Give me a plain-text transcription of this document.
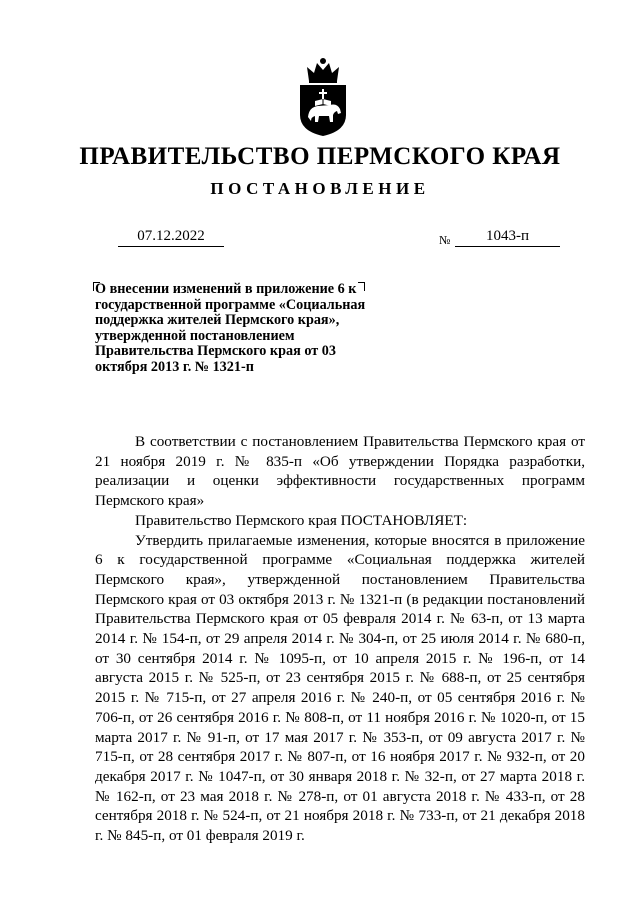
ПРАВИТЕЛЬСТВО ПЕРМСКОГО КРАЯ
ПОСТАНОВЛЕНИЕ
07.12.2022	№	1043-п
О внесении изменений в приложение 6 к государственной программе «Социальная поддержка жителей Пермского края», утвержденной постановлением Правительства Пермского края от 03 октября 2013 г. № 1321-п

В соответствии с постановлением Правительства Пермского края от 21 ноября 2019 г. № 835-п «Об утверждении Порядка разработки, реализации и оценки эффективности государственных программ Пермского края»

Правительство Пермского края ПОСТАНОВЛЯЕТ:

Утвердить прилагаемые изменения, которые вносятся в приложение 6 к государственной программе «Социальная поддержка жителей Пермского края», утвержденной постановлением Правительства Пермского края от 03 октября 2013 г. № 1321-п (в редакции постановлений Правительства Пермского края от 05 февраля 2014 г. № 63-п, от 13 марта 2014 г. № 154-п, от 29 апреля 2014 г. № 304-п, от 25 июля 2014 г. № 680-п, от 30 сентября 2014 г. № 1095-п, от 10 апреля 2015 г. № 196-п, от 14 августа 2015 г. № 525-п, от 23 сентября 2015 г. № 688-п, от 25 сентября 2015 г. № 715-п, от 27 апреля 2016 г. № 240-п, от 05 сентября 2016 г. № 706-п, от 26 сентября 2016 г. № 808-п, от 11 ноября 2016 г. № 1020-п, от 15 марта 2017 г. № 91-п, от 17 мая 2017 г. № 353-п, от 09 августа 2017 г. № 715-п, от 28 сентября 2017 г. № 807-п, от 16 ноября 2017 г. № 932-п, от 20 декабря 2017 г. № 1047-п, от 30 января 2018 г. № 32-п, от 27 марта 2018 г. № 162-п, от 23 мая 2018 г. № 278-п, от 01 августа 2018 г. № 433-п, от 28 сентября 2018 г. № 524-п, от 21 ноября 2018 г. № 733-п, от 21 декабря 2018 г. № 845-п, от 01 февраля 2019 г.
